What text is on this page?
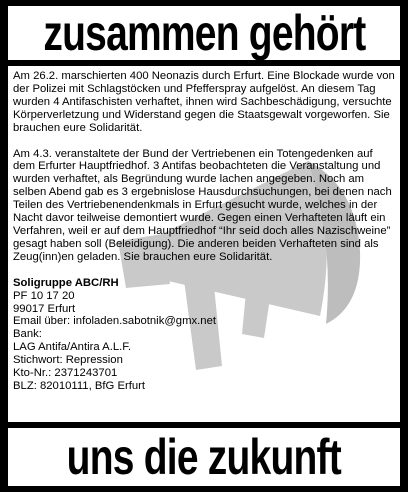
zusammen gehört

Am 26.2. marschierten 400 Neonazis durch Erfurt. Eine Blockade wurde von der Polizei mit Schlagstöcken und Pfefferspray aufgelöst. An diesem Tag wurden 4 Antifaschisten verhaftet, ihnen wird Sachbeschädigung, versuchte Körperverletzung und Widerstand gegen die Staatsgewalt vorgeworfen. Sie brauchen eure Solidarität.

Am 4.3. veranstaltete der Bund der Vertriebenen ein Totengedenken auf dem Erfurter Hauptfriedhof. 3 Antifas beobachteten die Veranstaltung und wurden verhaftet, als Begründung wurde lachen angegeben. Noch am selben Abend gab es 3 ergebnislose Hausdurchsuchungen, bei denen nach Teilen des Vertriebenendenkmals in Erfurt gesucht wurde, welches in der Nacht davor teilweise demontiert wurde. Gegen einen Verhafteten läuft ein Verfahren, weil er auf dem Hauptfriedhof “Ihr seid doch alles Nazischweine” gesagt haben soll (Beleidigung). Die anderen beiden Verhafteten sind als Zeug(inn)en geladen. Sie brauchen eure Solidarität.

Soligruppe ABC/RH
PF 10 17 20
99017 Erfurt
Email über: infoladen.sabotnik@gmx.net
Bank:
LAG Antifa/Antira A.L.F.
Stichwort: Repression
Kto-Nr.: 2371243701
BLZ: 82010111, BfG Erfurt
uns die zukunft
